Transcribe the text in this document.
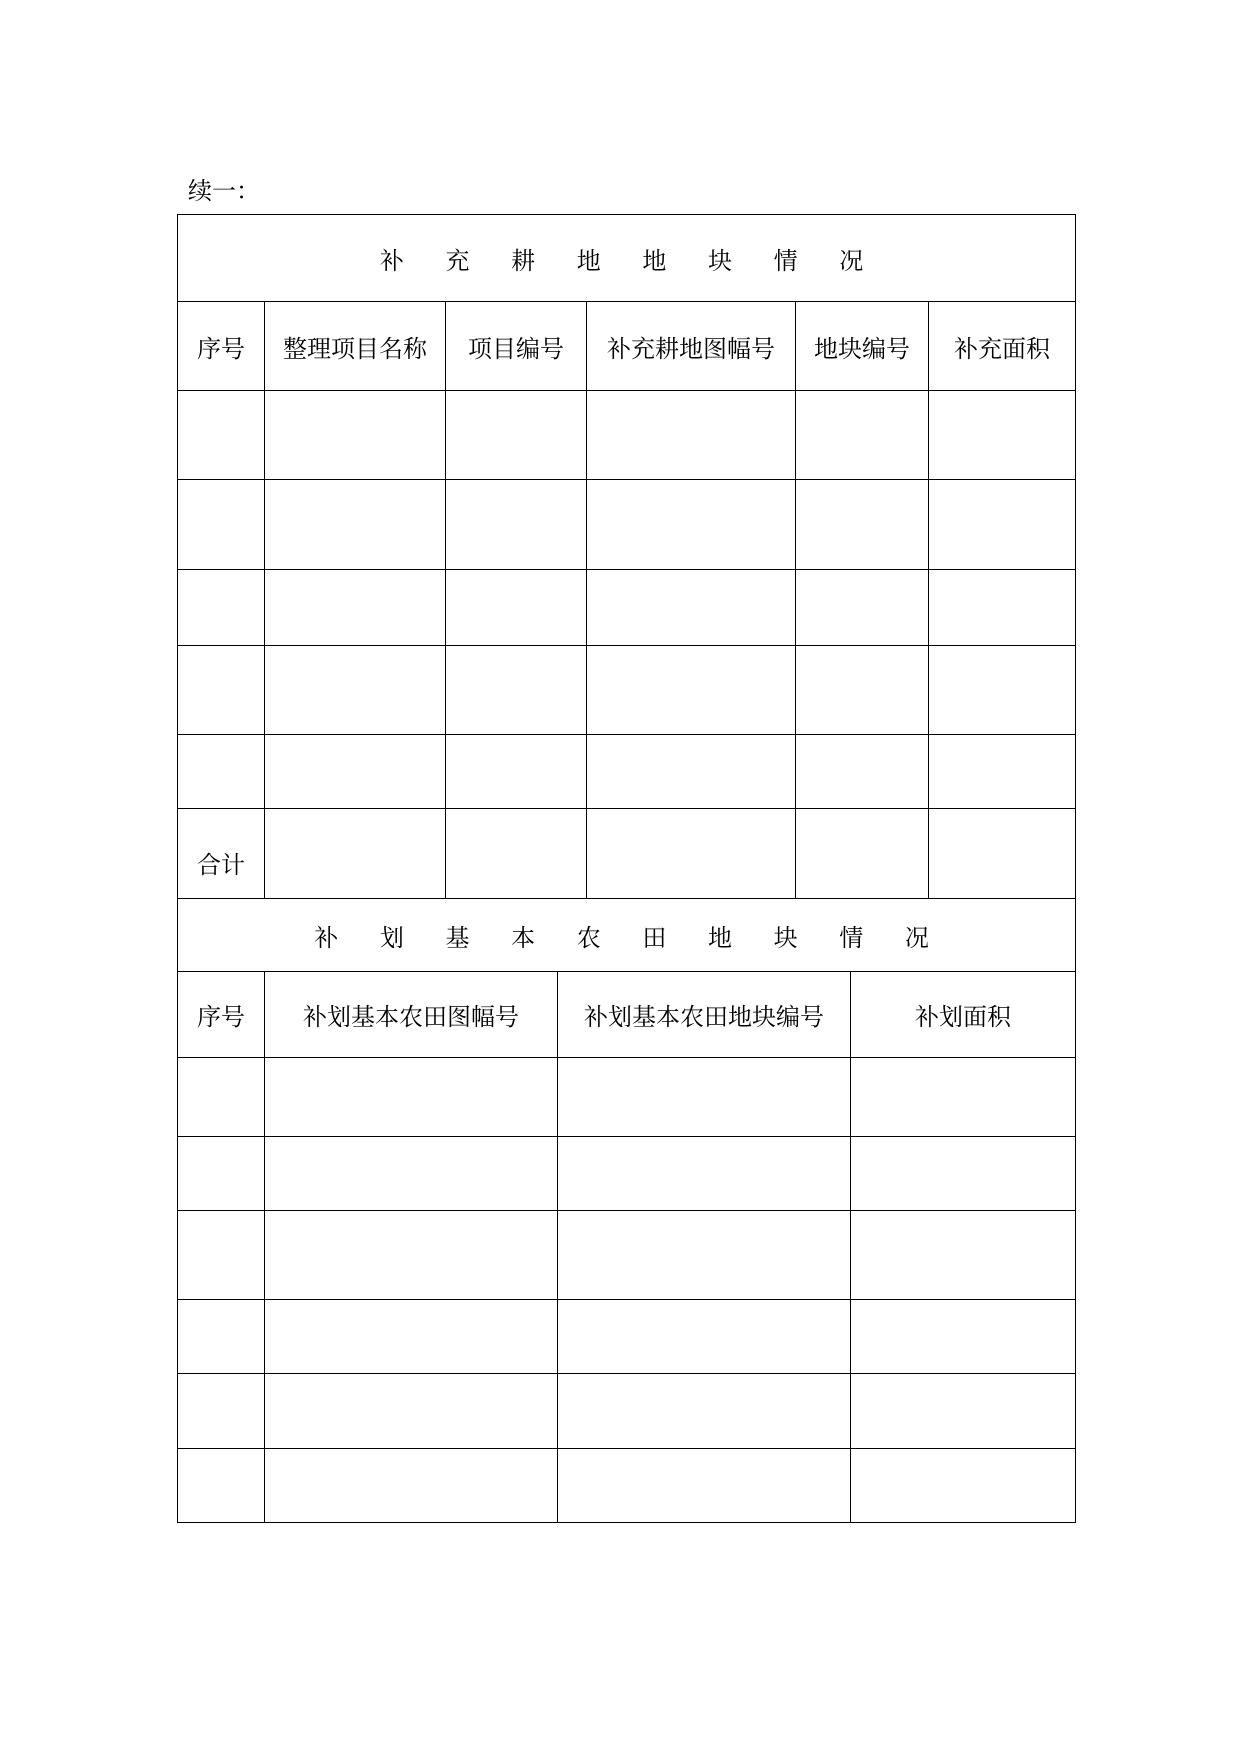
续一：

补 充 耕 地 地 块 情 况					
序号	整理项目名称	项目编号	补充耕地图幅号	地块编号	补充面积

合计					
补 划 基 本 农 田 地 块 情 况			
序号	补划基本农田图幅号	补划基本农田地块编号	补划面积
